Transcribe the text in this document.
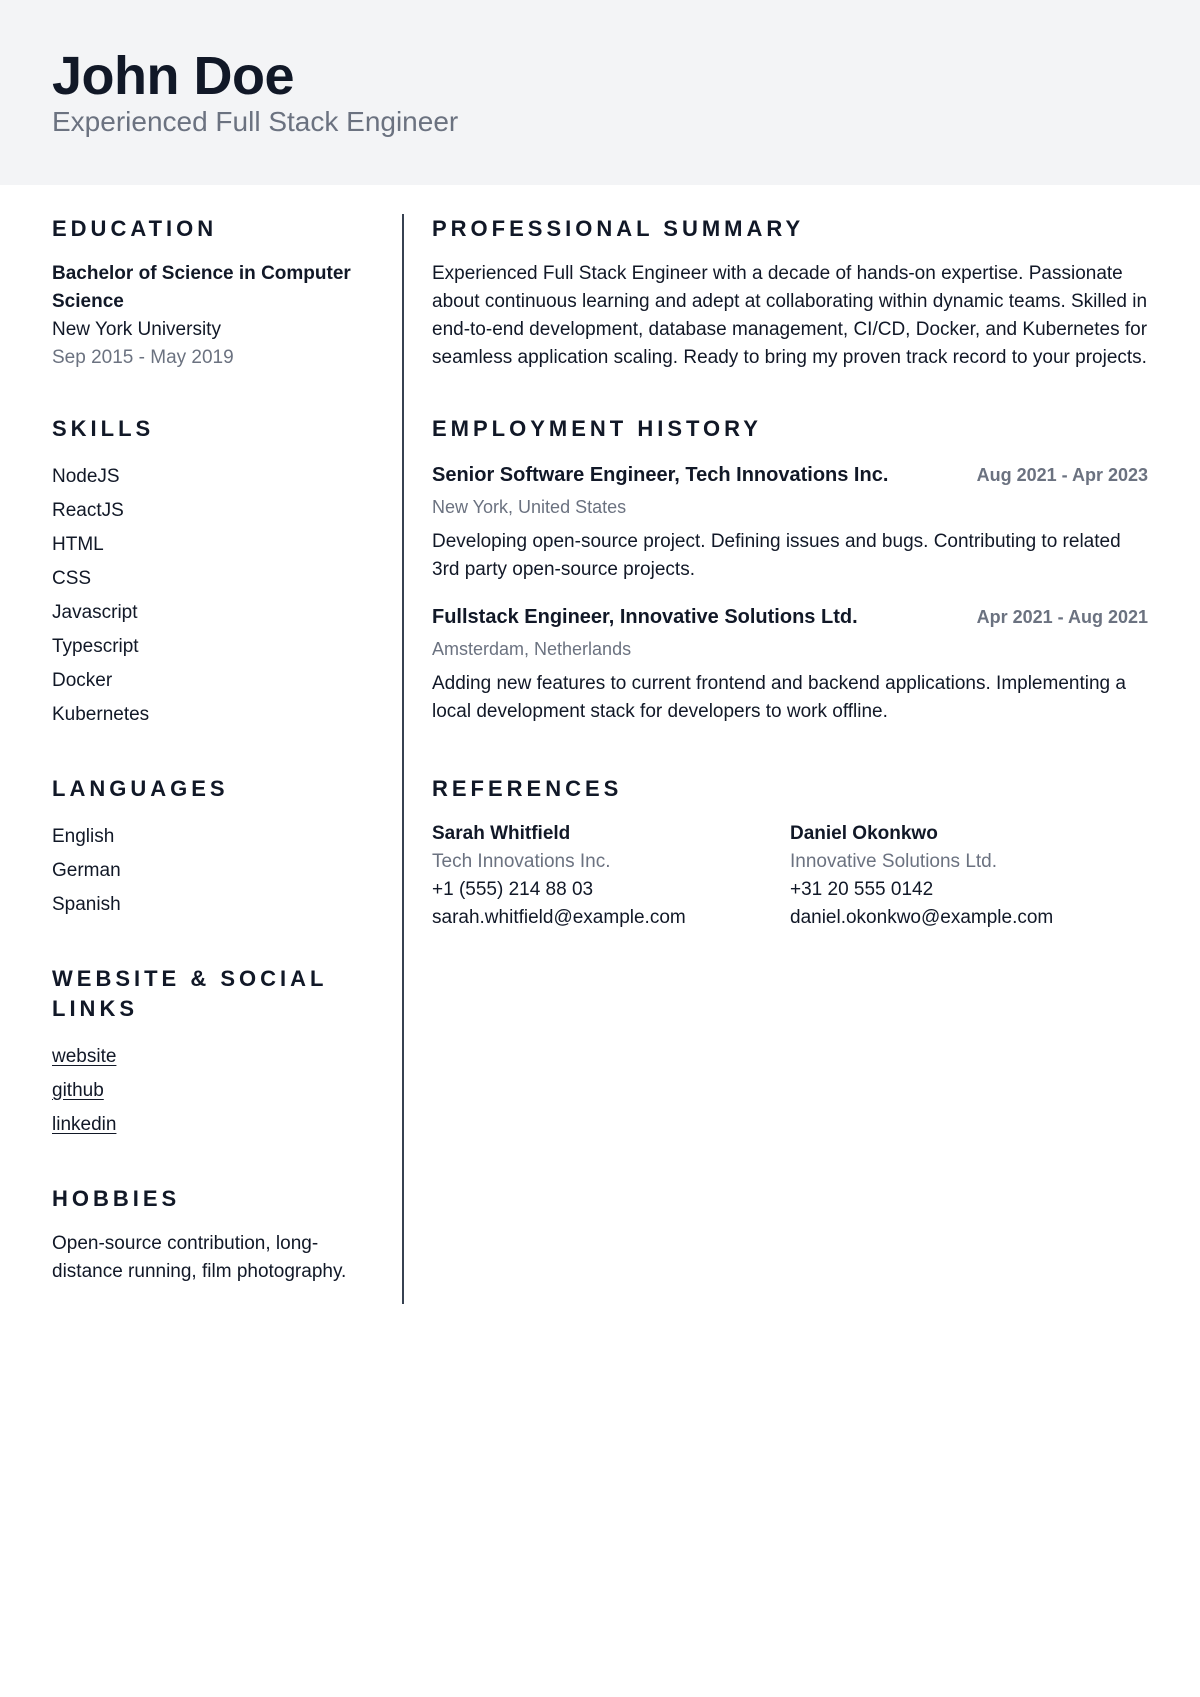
John Doe

Experienced Full Stack Engineer

EDUCATION
Bachelor of Science in Computer Science
New York University
Sep 2015 - May 2019
SKILLS
NodeJS
ReactJS
HTML
CSS
Javascript
Typescript
Docker
Kubernetes
LANGUAGES
English
German
Spanish
WEBSITE & SOCIAL LINKS
website
github
linkedin
HOBBIES
Open-source contribution, long-distance running, film photography.
PROFESSIONAL SUMMARY
Experienced Full Stack Engineer with a decade of hands-on expertise. Passionate about continuous learning and adept at collaborating within dynamic teams. Skilled in end-to-end development, database management, CI/CD, Docker, and Kubernetes for seamless application scaling. Ready to bring my proven track record to your projects.
EMPLOYMENT HISTORY
Senior Software Engineer, Tech Innovations Inc.	Aug 2021 - Apr 2023
New York, United States
Developing open-source project. Defining issues and bugs. Contributing to related 3rd party open-source projects.
Fullstack Engineer, Innovative Solutions Ltd.	Apr 2021 - Aug 2021
Amsterdam, Netherlands
Adding new features to current frontend and backend applications. Implementing a local development stack for developers to work offline.
REFERENCES
Sarah Whitfield
Tech Innovations Inc.
+1 (555) 214 88 03
sarah.whitfield@example.com
Daniel Okonkwo
Innovative Solutions Ltd.
+31 20 555 0142
daniel.okonkwo@example.com
